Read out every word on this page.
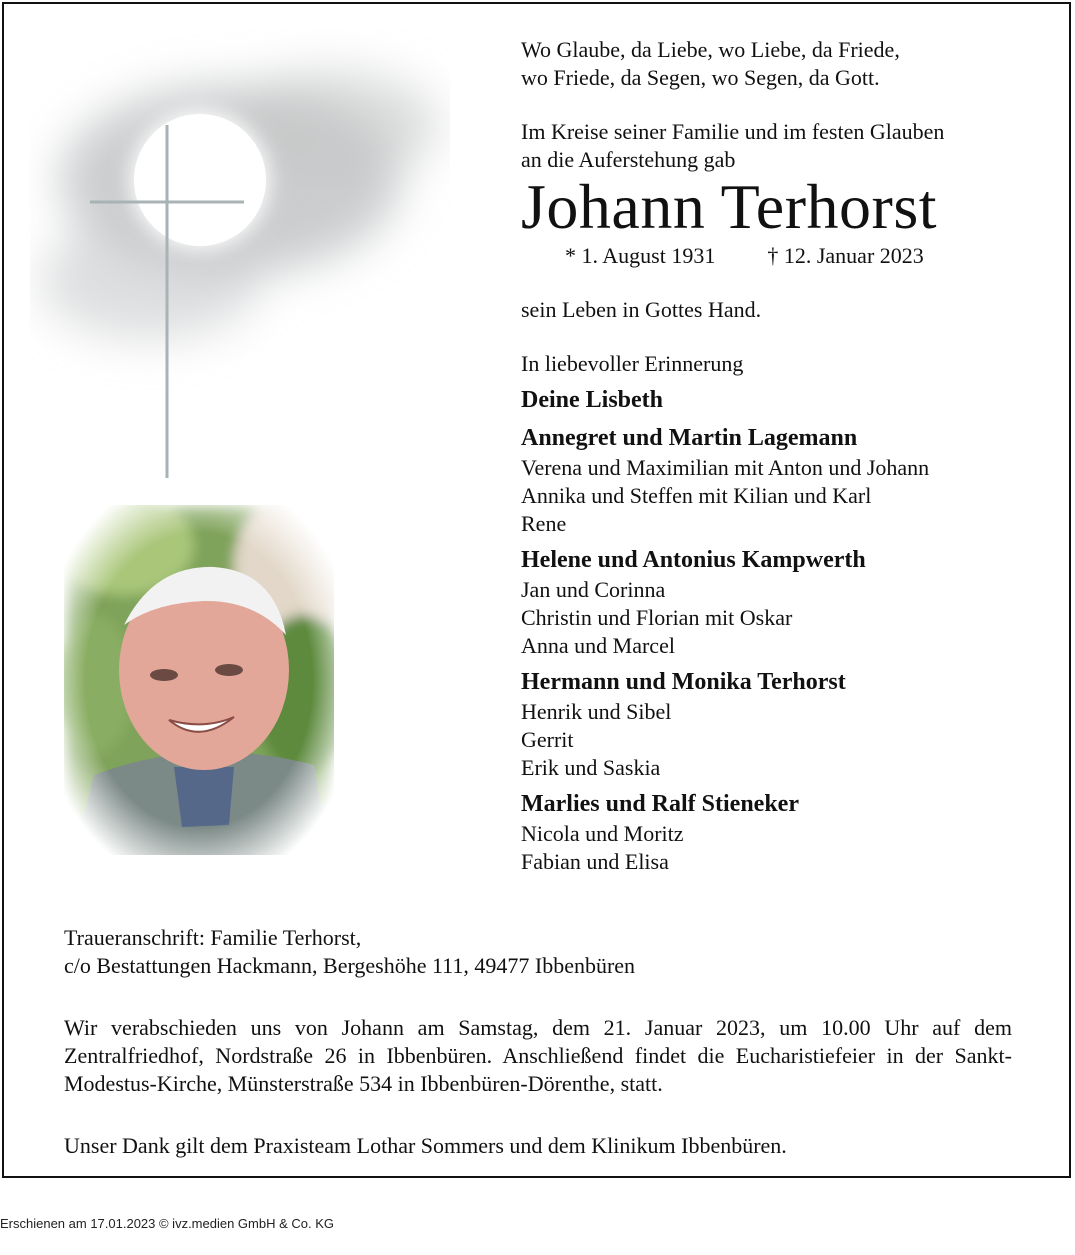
Wo Glaube, da Liebe, wo Liebe, da Friede,

wo Friede, da Segen, wo Segen, da Gott.

Im Kreise seiner Familie und im festen Glauben

an die Auferstehung gab

Johann Terhorst

* 1. August 1931 † 12. Januar 2023

sein Leben in Gottes Hand.

In liebevoller Erinnerung

Deine Lisbeth

Annegret und Martin Lagemann

Verena und Maximilian mit Anton und Johann

Annika und Steffen mit Kilian und Karl

Rene

Helene und Antonius Kampwerth

Jan und Corinna

Christin und Florian mit Oskar

Anna und Marcel

Hermann und Monika Terhorst

Henrik und Sibel

Gerrit

Erik und Saskia

Marlies und Ralf Stieneker

Nicola und Moritz

Fabian und Elisa

Traueranschrift: Familie Terhorst,

c/o Bestattungen Hackmann, Bergeshöhe 111, 49477 Ibbenbüren

Wir verabschieden uns von Johann am Samstag, dem 21. Januar 2023, um 10.00 Uhr auf dem Zentralfriedhof, Nordstraße 26 in Ibbenbüren. Anschließend findet die Eucharistiefeier in der Sankt-Modestus-Kirche, Münsterstraße 534 in Ibbenbüren-Dörenthe, statt.

Unser Dank gilt dem Praxisteam Lothar Sommers und dem Klinikum Ibbenbüren.

Erschienen am 17.01.2023 © ivz.medien GmbH & Co. KG
